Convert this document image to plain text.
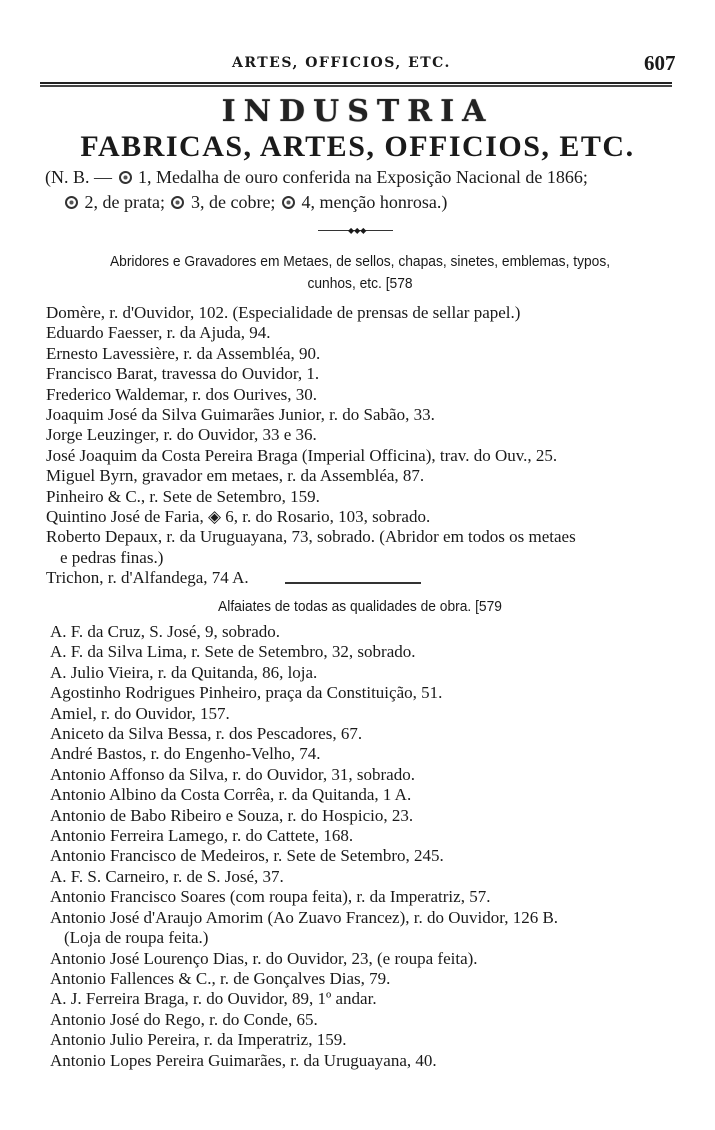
ARTES, OFFICIOS, ETC.	607
INDUSTRIA
FABRICAS, ARTES, OFFICIOS, ETC.
(N. B. —  1, Medalha de ouro conferida na Exposição Nacional de 1866;
2, de prata;  3, de cobre;  4, menção honrosa.)
◆◆◆
Abridores e Gravadores em Metaes, de sellos, chapas, sinetes, emblemas, typos,
cunhos, etc. [578
Domère, r. d'Ouvidor, 102. (Especialidade de prensas de sellar papel.)
Eduardo Faesser, r. da Ajuda, 94.
Ernesto Lavessière, r. da Assembléa, 90.
Francisco Barat, travessa do Ouvidor, 1.
Frederico Waldemar, r. dos Ourives, 30.
Joaquim José da Silva Guimarães Junior, r. do Sabão, 33.
Jorge Leuzinger, r. do Ouvidor, 33 e 36.
José Joaquim da Costa Pereira Braga (Imperial Officina), trav. do Ouv., 25.
Miguel Byrn, gravador em metaes, r. da Assembléa, 87.
Pinheiro & C., r. Sete de Setembro, 159.
Quintino José de Faria, ◈ 6, r. do Rosario, 103, sobrado.
Roberto Depaux, r. da Uruguayana, 73, sobrado. (Abridor em todos os metaes
e pedras finas.)
Trichon, r. d'Alfandega, 74 A.
Alfaiates de todas as qualidades de obra. [579
A. F. da Cruz, S. José, 9, sobrado.
A. F. da Silva Lima, r. Sete de Setembro, 32, sobrado.
A. Julio Vieira, r. da Quitanda, 86, loja.
Agostinho Rodrigues Pinheiro, praça da Constituição, 51.
Amiel, r. do Ouvidor, 157.
Aniceto da Silva Bessa, r. dos Pescadores, 67.
André Bastos, r. do Engenho-Velho, 74.
Antonio Affonso da Silva, r. do Ouvidor, 31, sobrado.
Antonio Albino da Costa Corrêa, r. da Quitanda, 1 A.
Antonio de Babo Ribeiro e Souza, r. do Hospicio, 23.
Antonio Ferreira Lamego, r. do Cattete, 168.
Antonio Francisco de Medeiros, r. Sete de Setembro, 245.
A. F. S. Carneiro, r. de S. José, 37.
Antonio Francisco Soares (com roupa feita), r. da Imperatriz, 57.
Antonio José d'Araujo Amorim (Ao Zuavo Francez), r. do Ouvidor, 126 B.
(Loja de roupa feita.)
Antonio José Lourenço Dias, r. do Ouvidor, 23, (e roupa feita).
Antonio Fallences & C., r. de Gonçalves Dias, 79.
A. J. Ferreira Braga, r. do Ouvidor, 89, 1º andar.
Antonio José do Rego, r. do Conde, 65.
Antonio Julio Pereira, r. da Imperatriz, 159.
Antonio Lopes Pereira Guimarães, r. da Uruguayana, 40.
